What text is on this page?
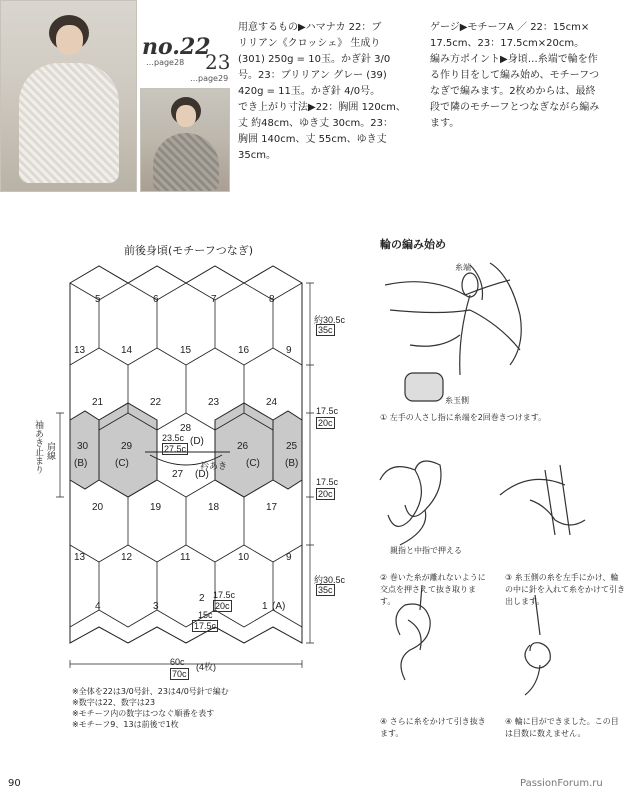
no.22
23
…page28
…page29
用意するもの▶ハマナカ 22：ブ
リリアン《クロッシェ》 生成り
(301) 250g = 10玉。かぎ針 3/0
号。23：ブリリアン グレー (39)
420g = 11玉。かぎ針 4/0号。
でき上がり寸法▶22：胸囲 120cm、
丈 約48cm、ゆき丈 30cm。23：
胸囲 140cm、丈 55cm、ゆき丈
35cm。
ゲージ▶モチーフA ／ 22：15cm×
17.5cm、23：17.5cm×20cm。
編み方ポイント▶身頃…糸端で輪を作
る作り目をして編み始め、モチーフつ
なぎで編みます。2枚めからは、最終
段で隣のモチーフとつなぎながら編み
ます。
前後身頃(モチーフつなぎ)
5	6	7	8
13	14	15	16	9
21	22	23	24
30	29
28
26	25
20	19	18	17
13	12	11	10	9
4	3
2
1
(B)	(C)
(D)
(C)	(B)
(D)
27
(A)
衿あき
23.5c
27.5c
約30.5c
35c
17.5c
20c
17.5c
20c
約30.5c
35c
17.5c
20c
15c
17.5c
60c
70c
(4枚)
袖あき止まり 肩線
※全体を22は3/0号針、23は4/0号針で編む
※数字は22、数字は23
※モチーフ内の数字はつなぐ順番を表す
※モチーフ9、13は前後で1枚
輪の編み始め
糸端
糸玉側
親指と中指で押える
① 左手の人さし指に糸端を2回巻きつけます。
② 巻いた糸が離れないように交点を押さえて抜き取ります。
③ 糸玉側の糸を左手にかけ、輪の中に針を入れて糸をかけて引き出します。
④ さらに糸をかけて引き抜きます。
④ 輪に目ができました。この目は目数に数えません。
90	PassionForum.ru
